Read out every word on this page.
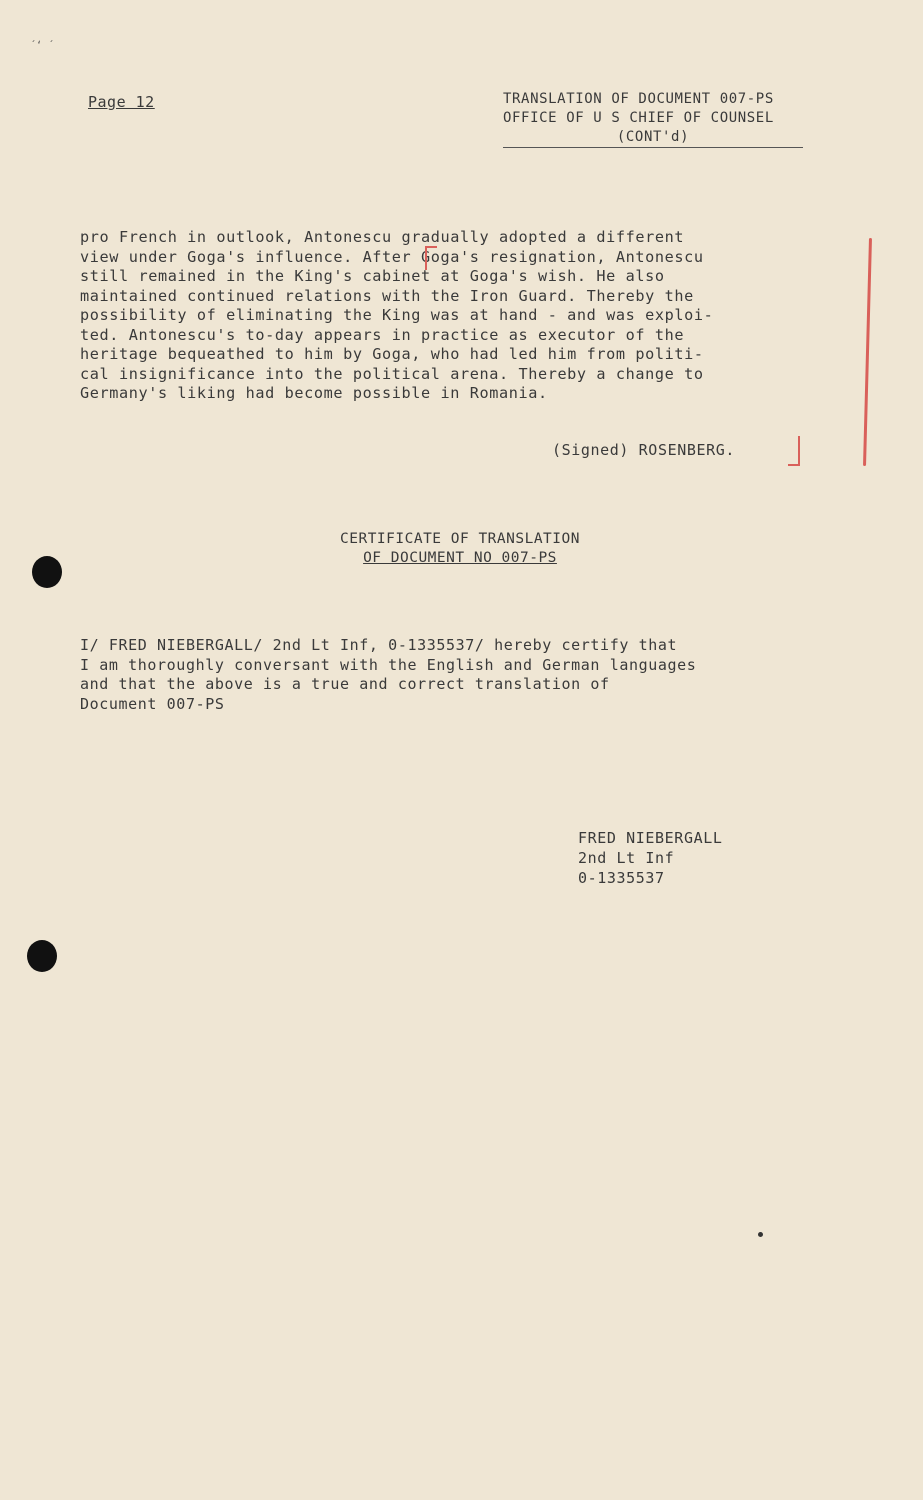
´ʻ ´
Page 12	TRANSLATION OF DOCUMENT 007-PS
OFFICE OF U S CHIEF OF COUNSEL
(CONT'd)

pro French in outlook, Antonescu gradually adopted a different

view under Goga's influence. After Goga's resignation, Antonescu

still remained in the King's cabinet at Goga's wish. He also

maintained continued relations with the Iron Guard. Thereby the

possibility of eliminating the King was at hand - and was exploi-

ted. Antonescu's to-day appears in practice as executor of the

heritage bequeathed to him by Goga, who had led him from politi-

cal insignificance into the political arena. Thereby a change to

Germany's liking had become possible in Romania.

(Signed) ROSENBERG.
CERTIFICATE OF TRANSLATION
OF DOCUMENT NO 007-PS
I/ FRED NIEBERGALL/ 2nd Lt Inf, 0-1335537/ hereby certify that
I am thoroughly conversant with the English and German languages
and that the above is a true and correct translation of
Document 007-PS
FRED NIEBERGALL
2nd Lt Inf
0-1335537
